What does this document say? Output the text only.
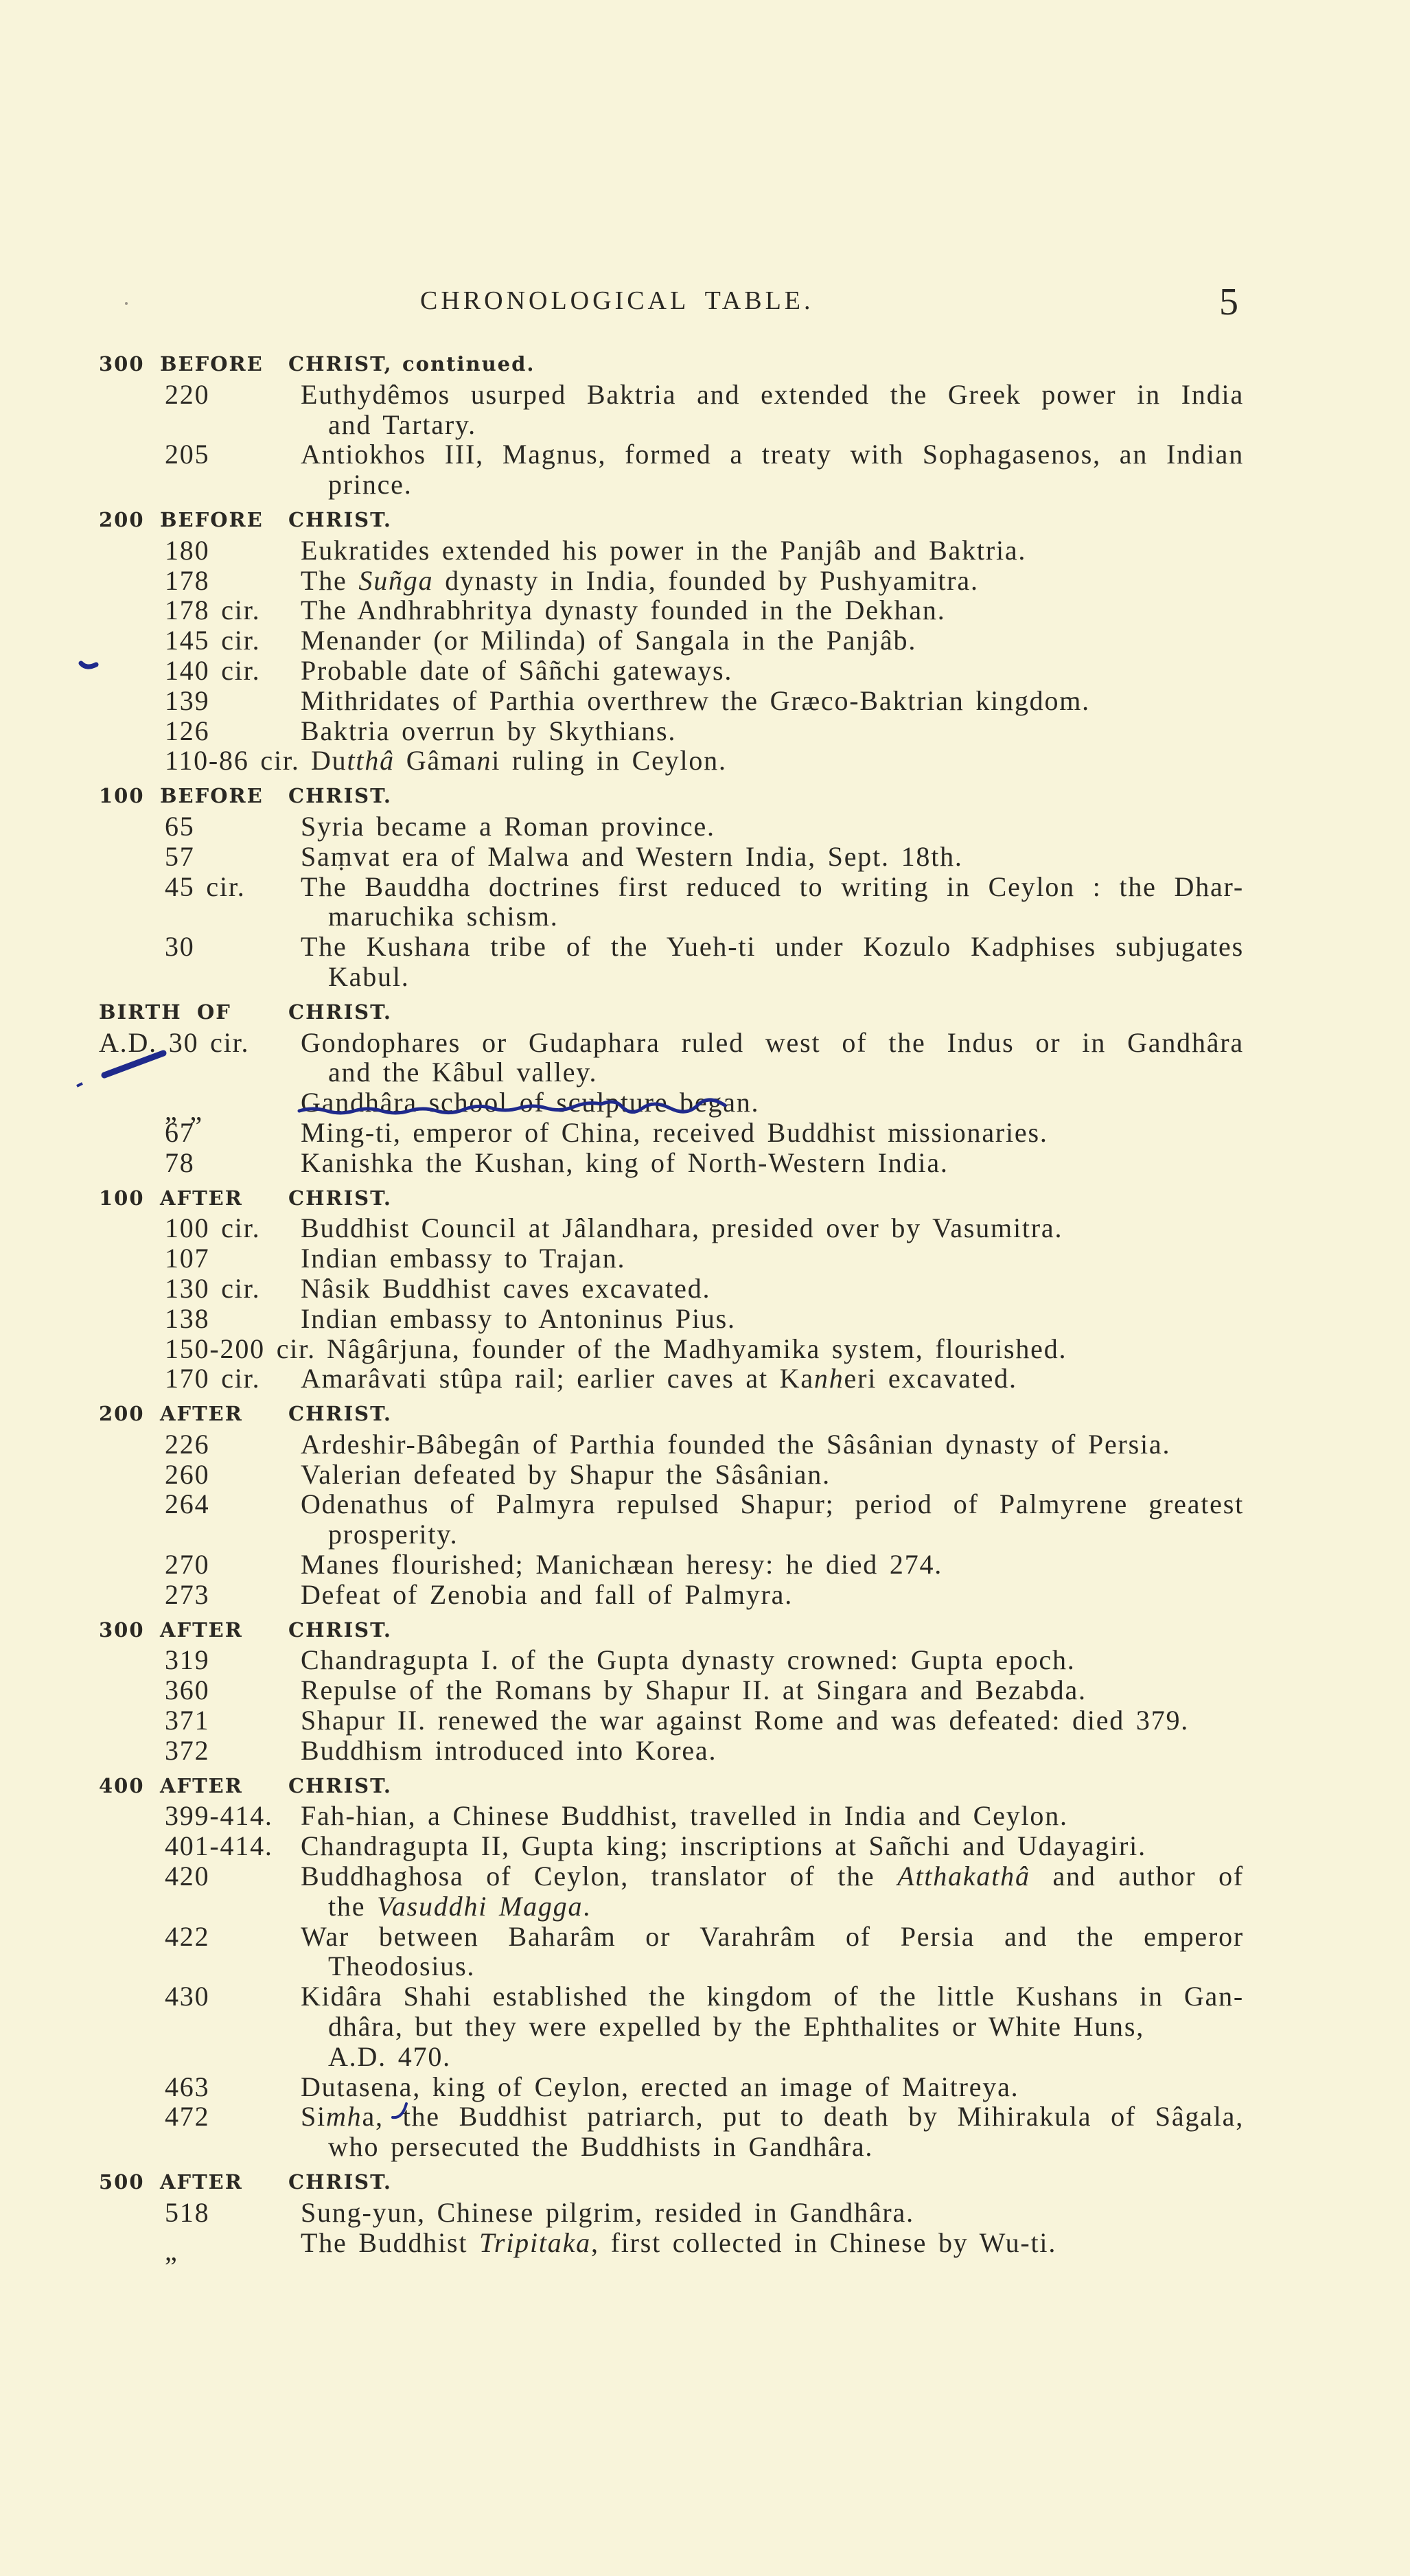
CHRONOLOGICAL TABLE.	5
300 BEFORE CHRIST, continued.
220	Euthydêmos usurped Baktria and extended the Greek power in India
and Tartary.
205	Antiokhos III, Magnus, formed a treaty with Sophagasenos, an Indian
prince.
200 BEFORE CHRIST.
180	Eukratides extended his power in the Panjâb and Baktria.
178	The Suñga dynasty in India, founded by Pushyamitra.
178 cir. The Andhrabhritya dynasty founded in the Dekhan.
145 cir. Menander (or Milinda) of Sangala in the Panjâb.
140 cir. Probable date of Sâñchi gateways.
139	Mithridates of Parthia overthrew the Græco-Baktrian kingdom.
126	Baktria overrun by Skythians.
110-86 cir. Dutthâ Gâmani ruling in Ceylon.
100 BEFORE CHRIST.
65	Syria became a Roman province.
57	Saṃvat era of Malwa and Western India, Sept. 18th.
45 cir. The Bauddha doctrines first reduced to writing in Ceylon : the Dhar-
maruchika schism.
30	The Kushana tribe of the Yueh-ti under Kozulo Kadphises subjugates
Kabul.
BIRTH OF	CHRIST.
A.D. 30 cir. Gondophares or Gudaphara ruled west of the Indus or in Gandhâra
and the Kâbul valley.
„ „	Gandhâra school of sculpture began.
67	Ming-ti, emperor of China, received Buddhist missionaries.
78	Kanishka the Kushan, king of North-Western India.
100 AFTER CHRIST.
100 cir. Buddhist Council at Jâlandhara, presided over by Vasumitra.
107	Indian embassy to Trajan.
130 cir. Nâsik Buddhist caves excavated.
138	Indian embassy to Antoninus Pius.
150-200 cir. Nâgârjuna, founder of the Madhyamika system, flourished.
170 cir. Amarâvati stûpa rail; earlier caves at Kanheri excavated.
200 AFTER CHRIST.
226	Ardeshir-Bâbegân of Parthia founded the Sâsânian dynasty of Persia.
260	Valerian defeated by Shapur the Sâsânian.
264	Odenathus of Palmyra repulsed Shapur; period of Palmyrene greatest
prosperity.
270	Manes flourished; Manichæan heresy: he died 274.
273	Defeat of Zenobia and fall of Palmyra.
300 AFTER CHRIST.
319	Chandragupta I. of the Gupta dynasty crowned: Gupta epoch.
360	Repulse of the Romans by Shapur II. at Singara and Bezabda.
371	Shapur II. renewed the war against Rome and was defeated: died 379.
372	Buddhism introduced into Korea.
400 AFTER CHRIST.
399-414. Fah-hian, a Chinese Buddhist, travelled in India and Ceylon.
401-414. Chandragupta II, Gupta king; inscriptions at Sañchi and Udayagiri.
420	Buddhaghosa of Ceylon, translator of the Atthakathâ and author of
the Vasuddhi Magga.
422	War between Baharâm or Varahrâm of Persia and the emperor
Theodosius.
430	Kidâra Shahi established the kingdom of the little Kushans in Gan-
dhâra, but they were expelled by the Ephthalites or White Huns,
A.D. 470.
463	Dutasena, king of Ceylon, erected an image of Maitreya.
472	Simha, the Buddhist patriarch, put to death by Mihirakula of Sâgala,
who persecuted the Buddhists in Gandhâra.
500 AFTER CHRIST.
518	Sung-yun, Chinese pilgrim, resided in Gandhâra.
„	The Buddhist Tripitaka, first collected in Chinese by Wu-ti.
